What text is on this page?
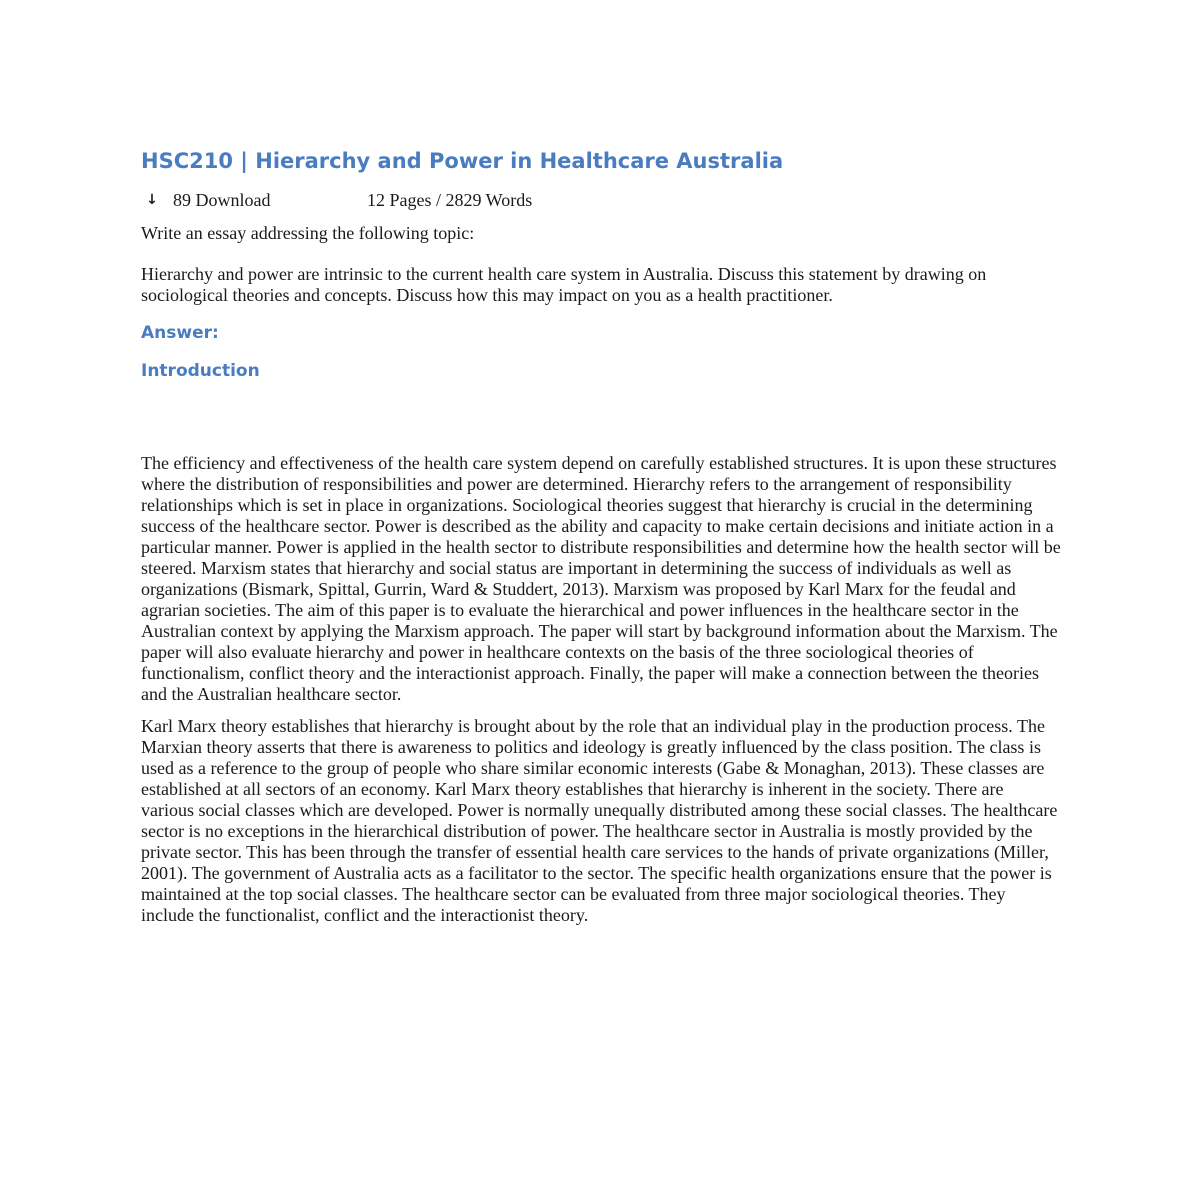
HSC210 | Hierarchy and Power in Healthcare Australia
↓ 89 Download	12 Pages / 2829 Words

Write an essay addressing the following topic:

Hierarchy and power are intrinsic to the current health care system in Australia. Discuss this statement by drawing on sociological theories and concepts. Discuss how this may impact on you as a health practitioner.

Answer:
Introduction

The efficiency and effectiveness of the health care system depend on carefully established structures. It is upon these structures where the distribution of responsibilities and power are determined. Hierarchy refers to the arrangement of responsibility relationships which is set in place in organizations. Sociological theories suggest that hierarchy is crucial in the determining success of the healthcare sector. Power is described as the ability and capacity to make certain decisions and initiate action in a particular manner. Power is applied in the health sector to distribute responsibilities and determine how the health sector will be steered. Marxism states that hierarchy and social status are important in determining the success of individuals as well as organizations (Bismark, Spittal, Gurrin, Ward & Studdert, 2013). Marxism was proposed by Karl Marx for the feudal and agrarian societies. The aim of this paper is to evaluate the hierarchical and power influences in the healthcare sector in the Australian context by applying the Marxism approach. The paper will start by background information about the Marxism. The paper will also evaluate hierarchy and power in healthcare contexts on the basis of the three sociological theories of functionalism, conflict theory and the interactionist approach. Finally, the paper will make a connection between the theories and the Australian healthcare sector.

Karl Marx theory establishes that hierarchy is brought about by the role that an individual play in the production process. The Marxian theory asserts that there is awareness to politics and ideology is greatly influenced by the class position. The class is used as a reference to the group of people who share similar economic interests (Gabe & Monaghan, 2013). These classes are established at all sectors of an economy. Karl Marx theory establishes that hierarchy is inherent in the society. There are various social classes which are developed. Power is normally unequally distributed among these social classes. The healthcare sector is no exceptions in the hierarchical distribution of power. The healthcare sector in Australia is mostly provided by the private sector. This has been through the transfer of essential health care services to the hands of private organizations (Miller, 2001). The government of Australia acts as a facilitator to the sector. The specific health organizations ensure that the power is maintained at the top social classes. The healthcare sector can be evaluated from three major sociological theories. They include the functionalist, conflict and the interactionist theory.
